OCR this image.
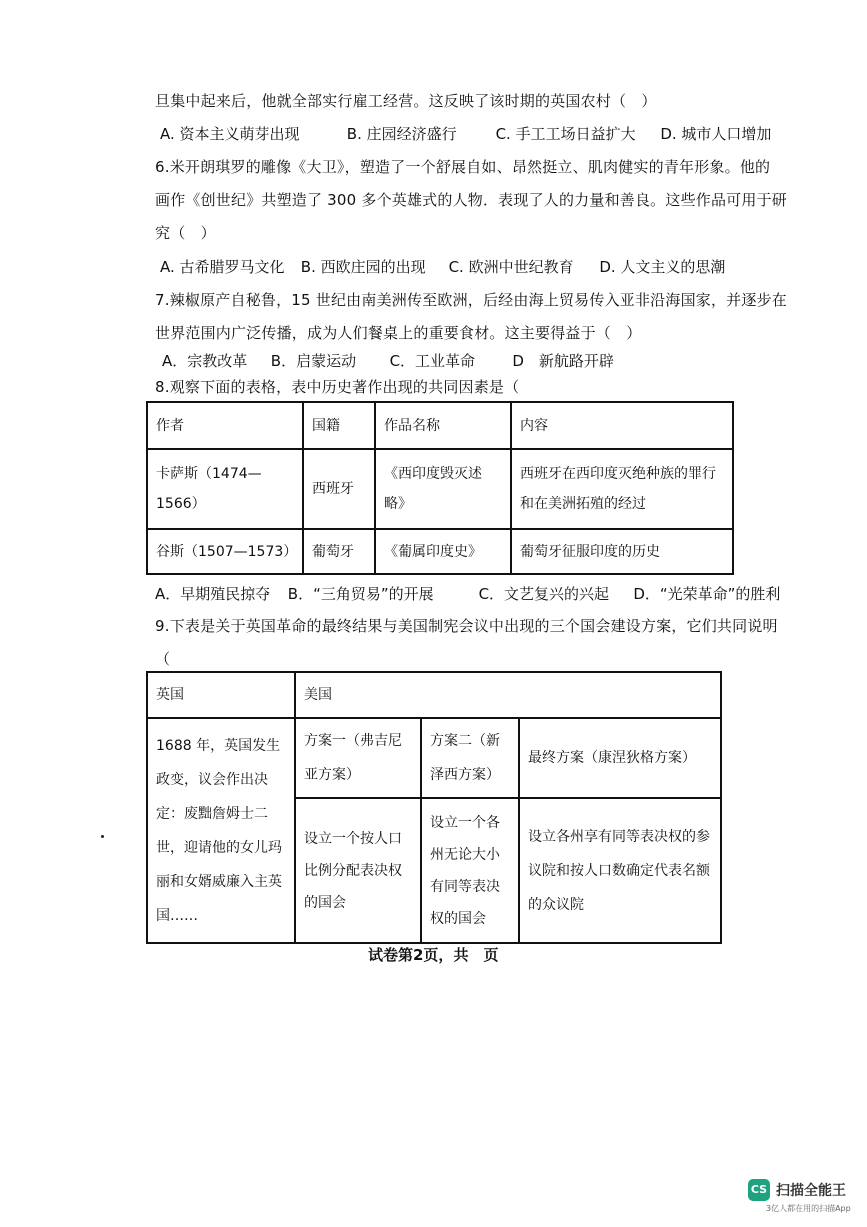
旦集中起来后，他就全部实行雇工经营。这反映了该时期的英国农村（　）
A. 资本主义萌芽出现	B. 庄园经济盛行	C. 手工工场日益扩大 D. 城市人口增加
6.米开朗琪罗的雕像《大卫》，塑造了一个舒展自如、昂然挺立、肌肉健实的青年形象。他的
画作《创世纪》共塑造了 300 多个英雄式的人物．表现了人的力量和善良。这些作品可用于研
究（　）
A. 古希腊罗马文化 B. 西欧庄园的出现 C. 欧洲中世纪教育 D. 人文主义的思潮
7.辣椒原产自秘鲁，15 世纪由南美洲传至欧洲，后经由海上贸易传入亚非沿海国家，并逐步在
世界范围内广泛传播，成为人们餐桌上的重要食材。这主要得益于（　）
A．宗教改革 B．启蒙运动 C．工业革命 D　新航路开辟
8.观察下面的表格，表中历史著作出现的共同因素是（
作者	国籍	作品名称	内容
卡萨斯（1474—1566）	西班牙	《西印度毁灭述略》	西班牙在西印度灭绝种族的罪行和在美洲拓殖的经过
谷斯（1507—1573）	葡萄牙	《葡属印度史》	葡萄牙征服印度的历史
A．早期殖民掠夺 B．“三角贸易”的开展	C．文艺复兴的兴起 D．“光荣革命”的胜利
9.下表是关于英国革命的最终结果与美国制宪会议中出现的三个国会建设方案，它们共同说明
（
英国	美国		
1688 年，英国发生政变，议会作出决定：废黜詹姆士二世，迎请他的女儿玛丽和女婿威廉入主英国……	方案一（弗吉尼亚方案）	方案二（新泽西方案）	最终方案（康涅狄格方案）
	设立一个按人口比例分配表决权的国会	设立一个各州无论大小有同等表决权的国会	设立各州享有同等表决权的参议院和按人口数确定代表名额的众议院
试卷第2页，共　页
CS 扫描全能王
3亿人都在用的扫描App
